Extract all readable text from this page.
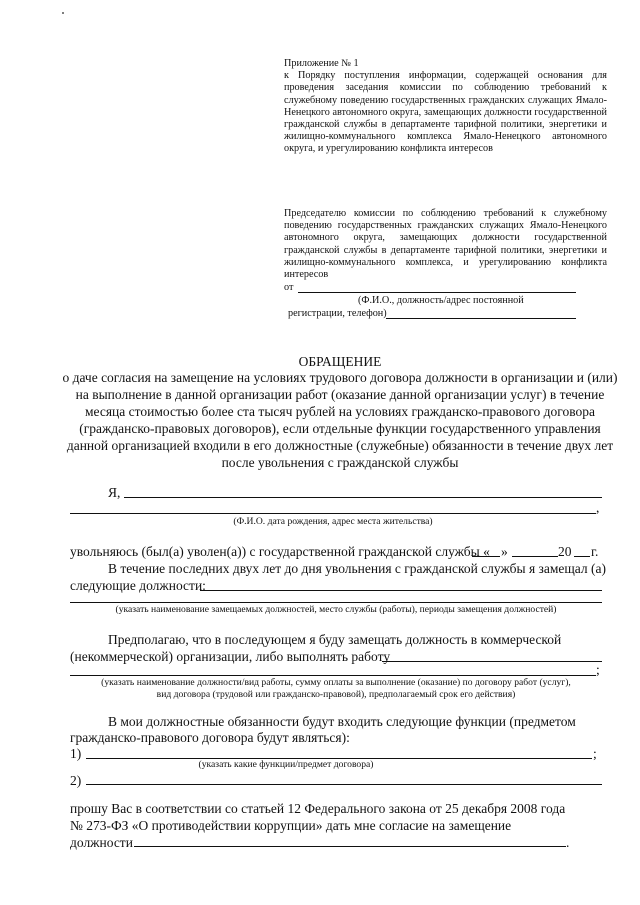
Приложение № 1
к Порядку поступления информации, содержащей основания для проведения заседания комиссии по соблюдению требований к служебному поведению государственных гражданских служащих Ямало-Ненецкого автономного округа, замещающих должности государственной гражданской службы в департаменте тарифной политики, энергетики и жилищно-коммунального комплекса Ямало-Ненецкого автономного округа, и урегулированию конфликта интересов
Председателю комиссии по соблюдению требований к служебному поведению государственных гражданских служащих Ямало-Ненецкого автономного округа, замещающих должности государственной гражданской службы в департаменте тарифной политики, энергетики и жилищно-коммунального комплекса, и урегулированию конфликта интересов
от
(Ф.И.О., должность/адрес постоянной
регистрации, телефон)
ОБРАЩЕНИЕ
о даче согласия на замещение на условиях трудового договора должности в организации и (или) на выполнение в данной организации работ (оказание данной организации услуг) в течение месяца стоимостью более ста тысяч рублей на условиях гражданско-правового договора (гражданско-правовых договоров), если отдельные функции государственного управления данной организацией входили в его должностные (служебные) обязанности в течение двух лет после увольнения с гражданской службы
Я,
,
(Ф.И.О. дата рождения, адрес места жительства)
увольняюсь (был(а) уволен(а)) с государственной гражданской службы « »	20 г.
В течение последних двух лет до дня увольнения с гражданской службы я замещал (а)
следующие должности:
(указать наименование замещаемых должностей, место службы (работы), периоды замещения должностей)
Предполагаю, что в последующем я буду замещать должность в коммерческой
(некоммерческой) организации, либо выполнять работу
;
(указать наименование должности/вид работы, сумму оплаты за выполнение (оказание) по договору работ (услуг),
вид договора (трудовой или гражданско-правовой), предполагаемый срок его действия)
В мои должностные обязанности будут входить следующие функции (предметом
гражданско-правового договора будут являться):
1)	;
(указать какие функции/предмет договора)
2)
прошу Вас в соответствии со статьей 12 Федерального закона от 25 декабря 2008 года
№ 273-ФЗ «О противодействии коррупции» дать мне согласие на замещение
должности	.
